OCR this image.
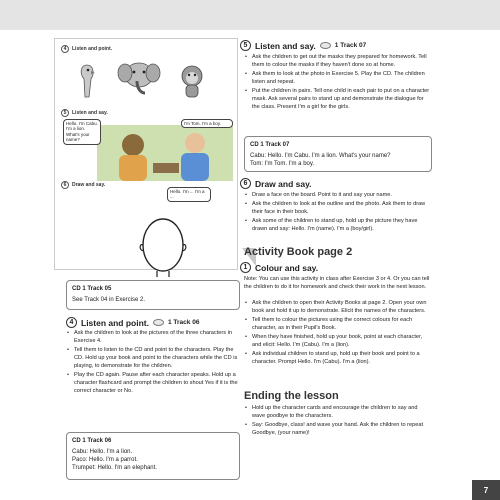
4	Listen and point.
5	Listen and say.
Hello. I'm Cabu. I'm a lion. What's your name?
I'm Tom. I'm a boy.
6	Draw and say.
Hello. I'm ... I'm a ...
CD 1 Track 05
See Track 04 in Exercise 2.
4 Listen and point.	1 Track 06
• Ask the children to look at the pictures of the three characters in Exercise 4.
• Tell them to listen to the CD and point to the characters. Play the CD. Hold up your book and point to the characters while the CD is playing, to demonstrate for the children.
• Play the CD again. Pause after each character speaks. Hold up a character flashcard and prompt the children to shout Yes if it is the correct character or No.
CD 1 Track 06
Cabu: Hello. I'm a lion.
Paco: Hello. I'm a parrot.
Trumpet: Hello. I'm an elephant.
5 Listen and say.	1 Track 07
• Ask the children to get out the masks they prepared for homework. Tell them to colour the masks if they haven't done so at home.
• Ask them to look at the photo in Exercise 5. Play the CD. The children listen and repeat.
• Put the children in pairs. Tell one child in each pair to put on a character mask. Ask several pairs to stand up and demonstrate the dialogue for the class. Present I'm a girl for the girls.
CD 1 Track 07
Cabu: Hello. I'm Cabu. I'm a lion. What's your name?
Tom: I'm Tom. I'm a boy.
6 Draw and say.
• Draw a face on the board. Point to it and say your name.
• Ask the children to look at the outline and the photo. Ask them to draw their face in their book.
• Ask some of the children to stand up, hold up the picture they have drawn and say: Hello. I'm (name). I'm a (boy/girl).
Activity Book page 2
1 Colour and say.
Note: You can use this activity in class after Exercise 3 or 4. Or you can tell the children to do it for homework and check their work in the next lesson.
• Ask the children to open their Activity Books at page 2. Open your own book and hold it up to demonstrate. Elicit the names of the characters.
• Tell them to colour the pictures using the correct colours for each character, as in their Pupil's Book.
• When they have finished, hold up your book, point at each character, and elicit: Hello. I'm (Cabu). I'm a (lion).
• Ask individual children to stand up, hold up their book and point to a character. Prompt Hello. I'm (Cabu). I'm a (lion).
Ending the lesson
• Hold up the character cards and encourage the children to say and wave goodbye to the characters.
• Say: Goodbye, class! and wave your hand. Ask the children to repeat Goodbye, (your name)!
7
